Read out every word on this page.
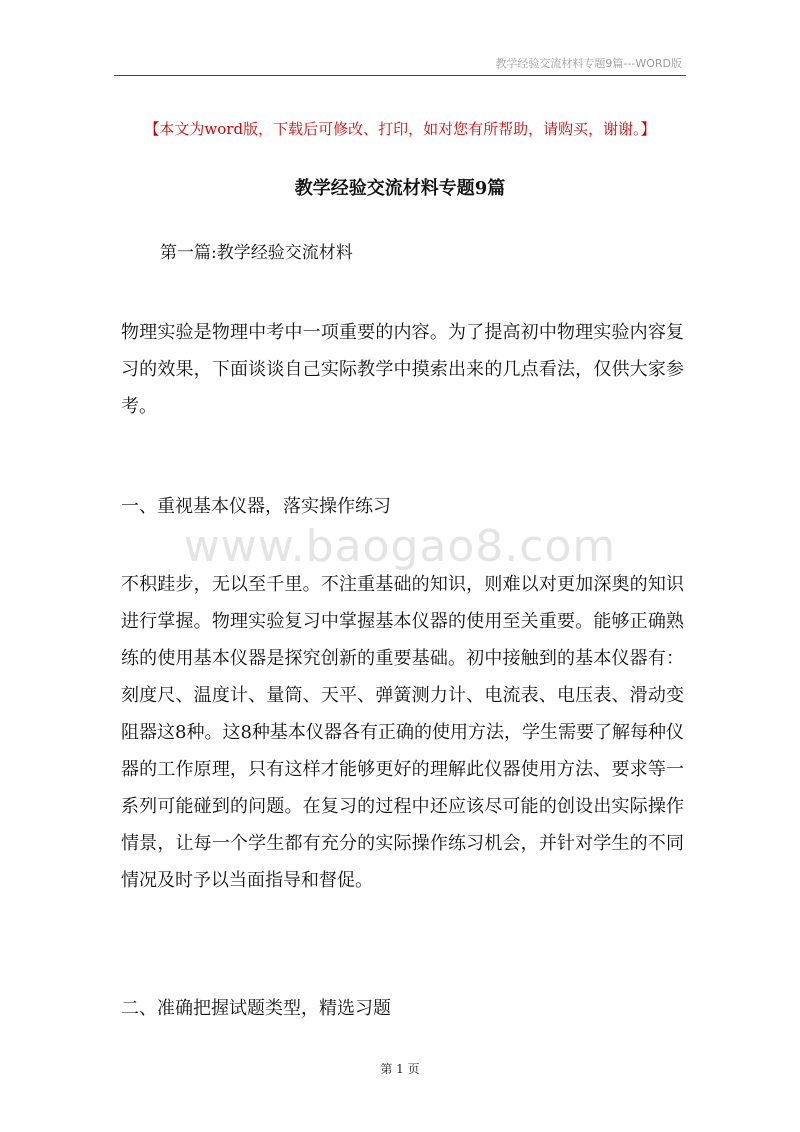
教学经验交流材料专题9篇---WORD版
【本文为word版，下载后可修改、打印，如对您有所帮助，请购买，谢谢。】
教学经验交流材料专题9篇
第一篇:教学经验交流材料

物理实验是物理中考中一项重要的内容。为了提高初中物理实验内容复习的效果，下面谈谈自己实际教学中摸索出来的几点看法，仅供大家参考。

一、重视基本仪器，落实操作练习

不积跬步，无以至千里。不注重基础的知识，则难以对更加深奥的知识进行掌握。物理实验复习中掌握基本仪器的使用至关重要。能够正确熟练的使用基本仪器是探究创新的重要基础。初中接触到的基本仪器有：刻度尺、温度计、量筒、天平、弹簧测力计、电流表、电压表、滑动变阻器这8种。这8种基本仪器各有正确的使用方法，学生需要了解每种仪器的工作原理，只有这样才能够更好的理解此仪器使用方法、要求等一系列可能碰到的问题。在复习的过程中还应该尽可能的创设出实际操作情景，让每一个学生都有充分的实际操作练习机会，并针对学生的不同情况及时予以当面指导和督促。

二、准确把握试题类型，精选习题

www.baogao8.com
第 1 页
